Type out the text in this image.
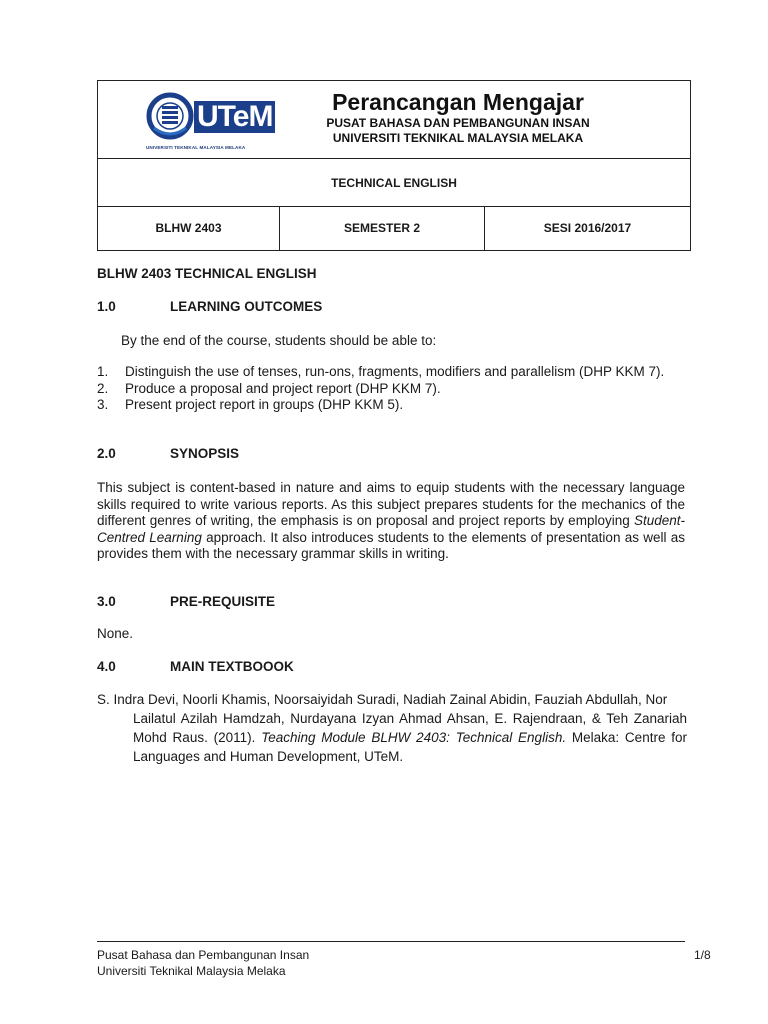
UTeM
UNIVERSITI TEKNIKAL MALAYSIA MELAKA
Perancangan Mengajar
PUSAT BAHASA DAN PEMBANGUNAN INSAN
UNIVERSITI TEKNIKAL MALAYSIA MELAKA
TECHNICAL ENGLISH
BLHW 2403	SEMESTER 2	SESI 2016/2017
BLHW 2403 TECHNICAL ENGLISH
1.0	LEARNING OUTCOMES
By the end of the course, students should be able to:
1. Distinguish the use of tenses, run-ons, fragments, modifiers and parallelism (DHP KKM 7).
2. Produce a proposal and project report (DHP KKM 7).
3. Present project report in groups (DHP KKM 5).
2.0	SYNOPSIS
This subject is content-based in nature and aims to equip students with the necessary language skills required to write various reports. As this subject prepares students for the mechanics of the different genres of writing, the emphasis is on proposal and project reports by employing Student-Centred Learning approach. It also introduces students to the elements of presentation as well as provides them with the necessary grammar skills in writing.
3.0	PRE-REQUISITE
None.
4.0	MAIN TEXTBOOOK
S. Indra Devi, Noorli Khamis, Noorsaiyidah Suradi, Nadiah Zainal Abidin, Fauziah Abdullah, Nor
Lailatul Azilah Hamdzah, Nurdayana Izyan Ahmad Ahsan, E. Rajendraan, & Teh Zanariah Mohd Raus. (2011). Teaching Module BLHW 2403: Technical English. Melaka: Centre for Languages and Human Development, UTeM.
Pusat Bahasa dan Pembangunan Insan
Universiti Teknikal Malaysia Melaka
1/8
